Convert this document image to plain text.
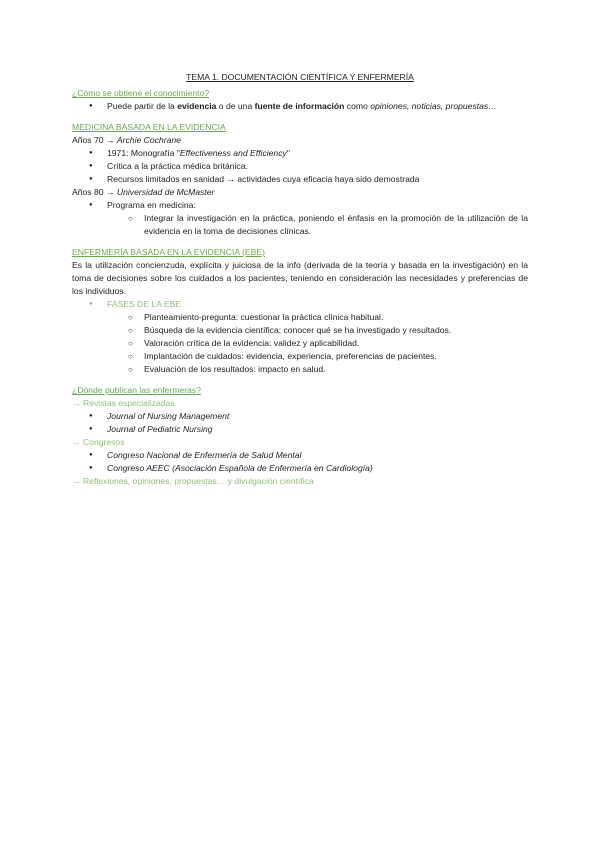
TEMA 1. DOCUMENTACIÓN CIENTÍFICA Y ENFERMERÍA
¿Cómo se obtiene el conocimiento?
● Puede partir de la evidencia o de una fuente de información como opiniones, noticias, propuestas…
MEDICINA BASADA EN LA EVIDENCIA
Años 70 → Archie Cochrane
● 1971: Monografía "Effectiveness and Efficiency"
● Crítica a la práctica médica británica.
● Recursos limitados en sanidad → actividades cuya eficacia haya sido demostrada
Años 80 → Universidad de McMaster
● Programa en medicina:
○ Integrar la investigación en la práctica, poniendo el énfasis en la promoción de la utilización de la evidencia en la toma de decisiones clínicas.
ENFERMERÍA BASADA EN LA EVIDENCIA (EBE)
Es la utilización concienzuda, explícita y juiciosa de la info (derivada de la teoría y basada en la investigación) en la toma de decisiones sobre los cuidados a los pacientes, teniendo en consideración las necesidades y preferencias de los individuos.
● FASES DE LA EBE
○ Planteamiento-pregunta: cuestionar la práctica clínica habitual.
○ Búsqueda de la evidencia científica: conocer qué se ha investigado y resultados.
○ Valoración crítica de la evidencia: validez y aplicabilidad.
○ Implantación de cuidados: evidencia, experiencia, preferencias de pacientes.
○ Evaluación de los resultados: impacto en salud.
¿Dónde publican las enfermeras?
→ Revistas especializadas
● Journal of Nursing Management
● Journal of Pediatric Nursing
→ Congresos
● Congreso Nacional de Enfermería de Salud Mental
● Congreso AEEC (Asociación Española de Enfermería en Cardiología)
→ Reflexiones, opiniones, propuestas… y divulgación científica
